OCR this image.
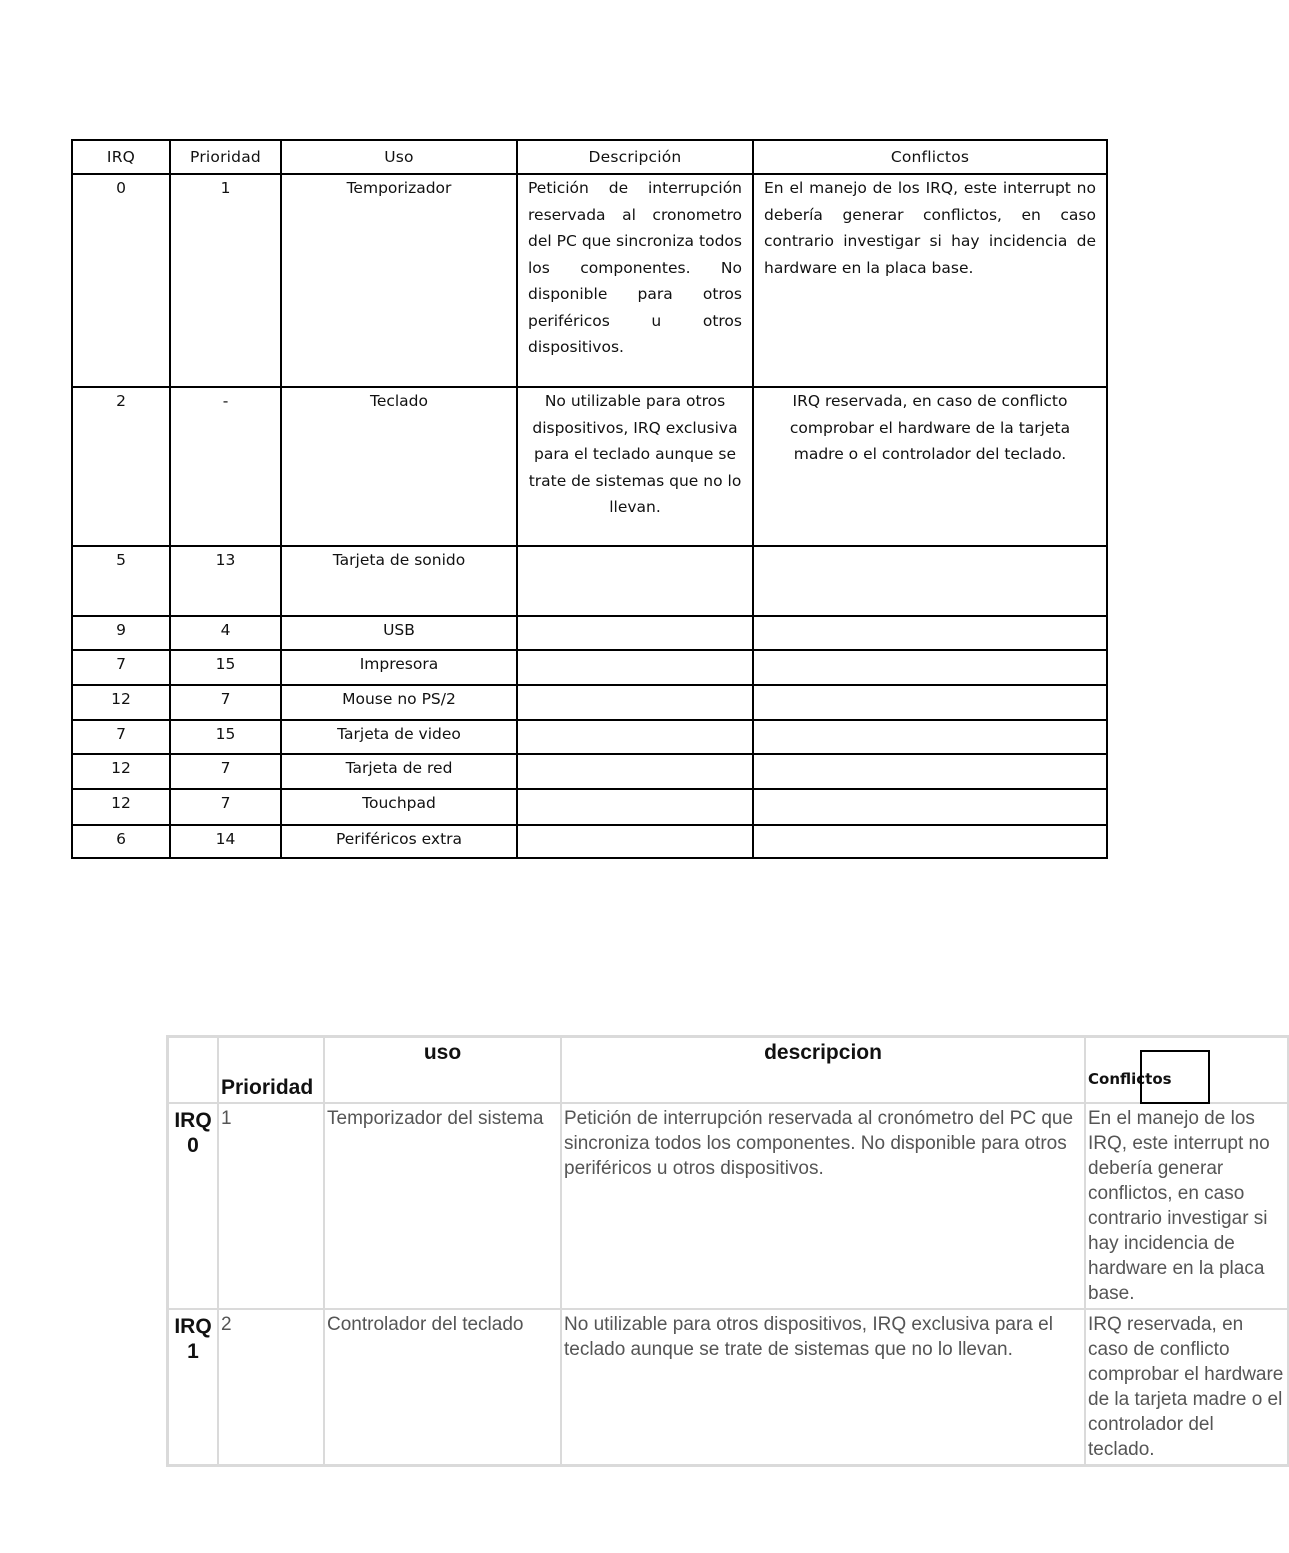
IRQ	Prioridad	Uso	Descripción	Conflictos
0	1	Temporizador	Petición de interrupción reservada al cronometro del PC que sincroniza todos los componentes. No disponible para otros periféricos u otros dispositivos.	En el manejo de los IRQ, este interrupt no debería generar conflictos, en caso contrario investigar si hay incidencia de hardware en la placa base.
2	-	Teclado	No utilizable para otros dispositivos, IRQ exclusiva para el teclado aunque se trate de sistemas que no lo llevan.	IRQ reservada, en caso de conflicto comprobar el hardware de la tarjeta madre o el controlador del teclado.
5	13	Tarjeta de sonido		
9	4	USB		
7	15	Impresora		
12	7	Mouse no PS/2		
7	15	Tarjeta de video		
12	7	Tarjeta de red		
12	7	Touchpad		
6	14	Periféricos extra		
	Prioridad	uso	descripcion	Conflictos

IRQ
0	1	Temporizador del sistema	Petición de interrupción reservada al cronómetro del PC que sincroniza todos los componentes. No disponible para otros periféricos u otros dispositivos.	En el manejo de los IRQ, este interrupt no debería generar conflictos, en caso contrario investigar si hay incidencia de hardware en la placa base.

IRQ
1	2	Controlador del teclado	No utilizable para otros dispositivos, IRQ exclusiva para el teclado aunque se trate de sistemas que no lo llevan.	IRQ reservada, en caso de conflicto comprobar el hardware de la tarjeta madre o el controlador del teclado.
